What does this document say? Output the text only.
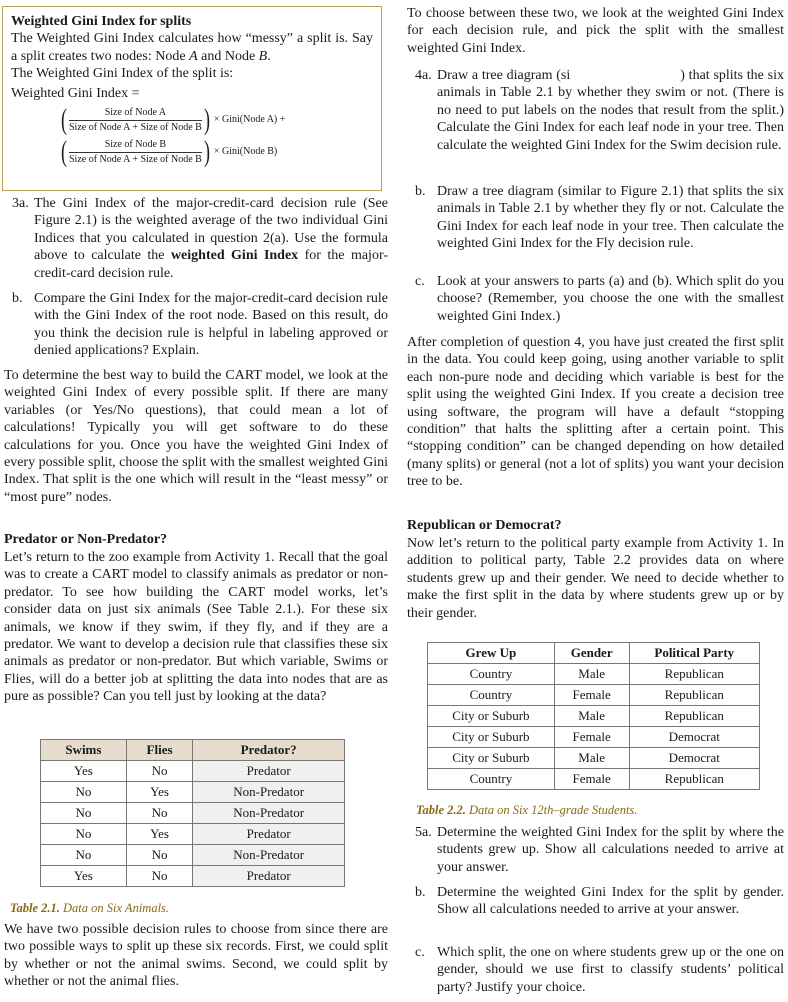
Weighted Gini Index for splits

The Weighted Gini Index calculates how “messy” a split is. Say a split creates two nodes: Node A and Node B.

The Weighted Gini Index of the split is:

Weighted Gini Index =

( $\frac{\text{Size of Node A}}{\text{Size of Node A + Size of Node B}}$ ) × Gini(Node A) +
( $\frac{\text{Size of Node B}}{\text{Size of Node A + Size of Node B}}$ ) × Gini(Node B)
3a. The Gini Index of the major-credit-card decision rule (See Figure 2.1) is the weighted average of the two individual Gini Indices that you calculated in question 2(a). Use the formula above to calculate the weighted Gini Index for the major-credit-card decision rule.
b. Compare the Gini Index for the major-credit-card decision rule with the Gini Index of the root node. Based on this result, do you think the decision rule is helpful in labeling approved or denied applications? Explain.

To determine the best way to build the CART model, we look at the weighted Gini Index of every possible split. If there are many variables (or Yes/No questions), that could mean a lot of calculations! Typically you will get software to do these calculations for you. Once you have the weighted Gini Index of every possible split, choose the split with the smallest weighted Gini Index. That split is the one which will result in the “least messy” or “most pure” nodes.

Predator or Non-Predator?

Let’s return to the zoo example from Activity 1. Recall that the goal was to create a CART model to classify animals as predator or non-predator. To see how building the CART model works, let’s consider data on just six animals (See Table 2.1.). For these six animals, we know if they swim, if they fly, and if they are a predator. We want to develop a decision rule that classifies these six animals as predator or non-predator. But which variable, Swims or Flies, will do a better job at splitting the data into nodes that are as pure as possible? Can you tell just by looking at the data?

Swims	Flies	Predator?
Yes	No	Predator
No	Yes	Non-Predator
No	No	Non-Predator
No	Yes	Predator
No	No	Non-Predator
Yes	No	Predator
Table 2.1. Data on Six Animals.

We have two possible decision rules to choose from since there are two possible ways to split up these six records. First, we could split by whether or not the animal swims. Second, we could split by whether or not the animal flies.

To choose between these two, we look at the weighted Gini Index for each decision rule, and pick the split with the smallest weighted Gini Index.

4a. Draw a tree diagram (si	) that splits the six animals in Table 2.1 by whether they swim or not. (There is no need to put labels on the nodes that result from the split.) Calculate the Gini Index for each leaf node in your tree. Then calculate the weighted Gini Index for the Swim decision rule.
b. Draw a tree diagram (similar to Figure 2.1) that splits the six animals in Table 2.1 by whether they fly or not. Calculate the Gini Index for each leaf node in your tree. Then calculate the weighted Gini Index for the Fly decision rule.
c. Look at your answers to parts (a) and (b). Which split do you choose? (Remember, you choose the one with the smallest weighted Gini Index.)

After completion of question 4, you have just created the first split in the data. You could keep going, using another variable to split each non-pure node and deciding which variable is best for the split using the weighted Gini Index. If you create a decision tree using software, the program will have a default “stopping condition” that halts the splitting after a certain point. This “stopping condition” can be changed depending on how detailed (many splits) or general (not a lot of splits) you want your decision tree to be.

Republican or Democrat?

Now let’s return to the political party example from Activity 1. In addition to political party, Table 2.2 provides data on where students grew up and their gender. We need to decide whether to make the first split in the data by where students grew up or by their gender.

Grew Up	Gender	Political Party
Country	Male	Republican
Country	Female	Republican
City or Suburb	Male	Republican
City or Suburb	Female	Democrat
City or Suburb	Male	Democrat
Country	Female	Republican
Table 2.2. Data on Six 12th–grade Students.
5a. Determine the weighted Gini Index for the split by where the students grew up. Show all calculations needed to arrive at your answer.
b. Determine the weighted Gini Index for the split by gender. Show all calculations needed to arrive at your answer.
c. Which split, the one on where students grew up or the one on gender, should we use first to classify students’ political party? Justify your choice.
